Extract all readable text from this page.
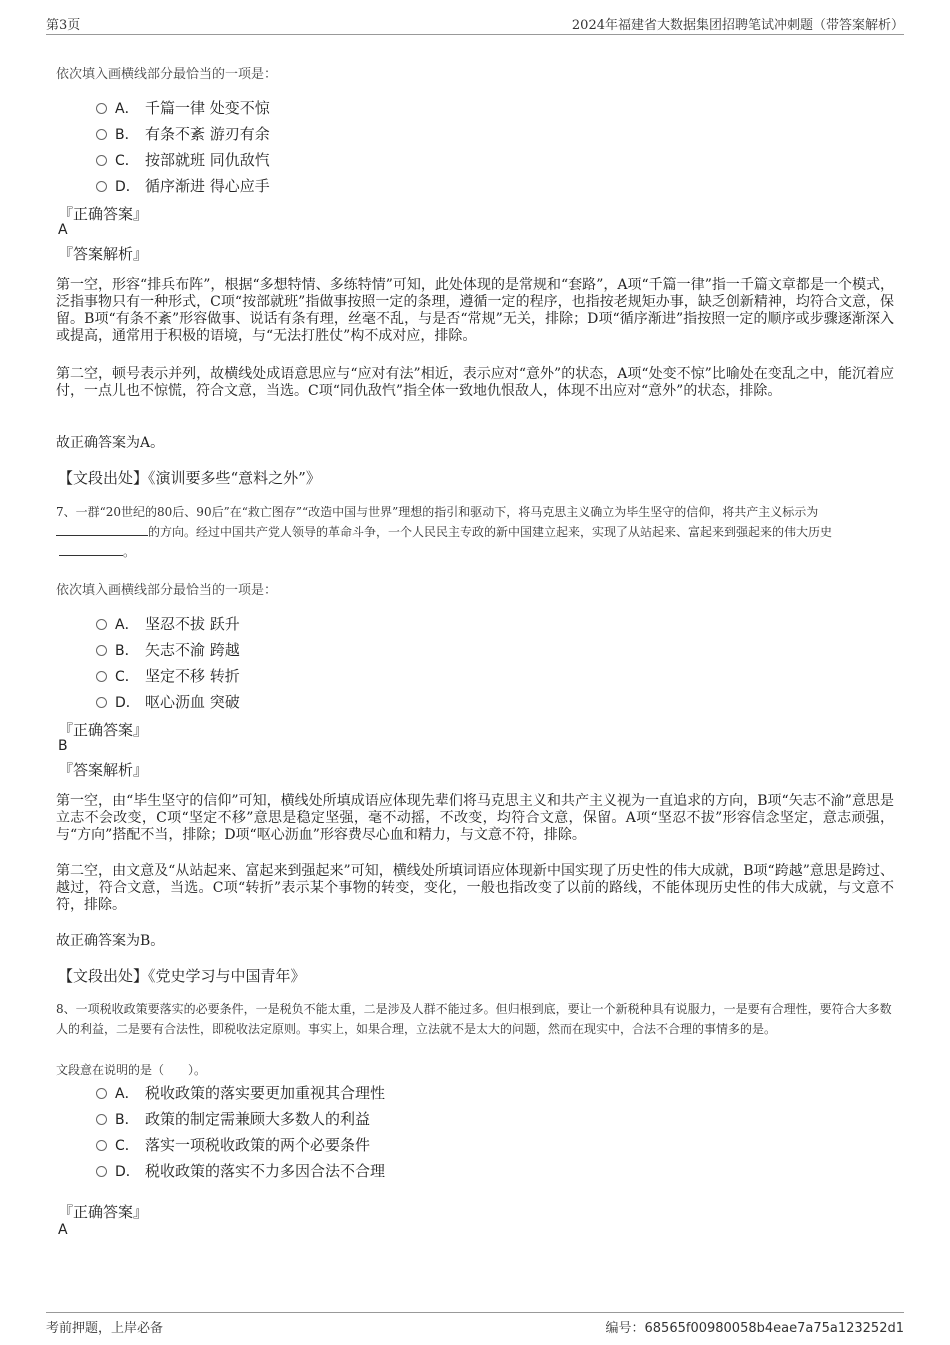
第3页	2024年福建省大数据集团招聘笔试冲刺题（带答案解析）
依次填入画横线部分最恰当的一项是：
A． 千篇一律 处变不惊
B． 有条不紊 游刃有余
C． 按部就班 同仇敌忾
D． 循序渐进 得心应手
『正确答案』
A
『答案解析』
第一空，形容“排兵布阵”，根据“多想特情、多练特情”可知，此处体现的是常规和“套路”，A项“千篇一律”指一千篇文章都是一个模式，泛指事物只有一种形式，C项“按部就班”指做事按照一定的条理，遵循一定的程序，也指按老规矩办事，缺乏创新精神，均符合文意，保留。B项“有条不紊”形容做事、说话有条有理，丝毫不乱，与是否“常规”无关，排除；D项“循序渐进”指按照一定的顺序或步骤逐渐深入或提高，通常用于积极的语境，与“无法打胜仗”构不成对应，排除。
第二空，顿号表示并列，故横线处成语意思应与“应对有法”相近，表示应对“意外”的状态，A项“处变不惊”比喻处在变乱之中，能沉着应付，一点儿也不惊慌，符合文意，当选。C项“同仇敌忾”指全体一致地仇恨敌人，体现不出应对“意外”的状态，排除。
故正确答案为A。
【文段出处】《演训要多些“意料之外”》
7、一群“20世纪的80后、90后”在“救亡图存”“改造中国与世界”理想的指引和驱动下，将马克思主义确立为毕生坚守的信仰，将共产主义标示为的方向。经过中国共产党人领导的革命斗争，一个人民民主专政的新中国建立起来，实现了从站起来、富起来到强起来的伟大历史。
依次填入画横线部分最恰当的一项是：
A． 坚忍不拔 跃升
B． 矢志不渝 跨越
C． 坚定不移 转折
D． 呕心沥血 突破
『正确答案』
B
『答案解析』
第一空，由“毕生坚守的信仰”可知，横线处所填成语应体现先辈们将马克思主义和共产主义视为一直追求的方向，B项“矢志不渝”意思是立志不会改变，C项“坚定不移”意思是稳定坚强，毫不动摇，不改变，均符合文意，保留。A项“坚忍不拔”形容信念坚定，意志顽强，与“方向”搭配不当，排除；D项“呕心沥血”形容费尽心血和精力，与文意不符，排除。
第二空，由文意及“从站起来、富起来到强起来”可知，横线处所填词语应体现新中国实现了历史性的伟大成就，B项“跨越”意思是跨过、越过，符合文意，当选。C项“转折”表示某个事物的转变，变化，一般也指改变了以前的路线，不能体现历史性的伟大成就，与文意不符，排除。
故正确答案为B。
【文段出处】《党史学习与中国青年》
8、一项税收政策要落实的必要条件，一是税负不能太重，二是涉及人群不能过多。但归根到底，要让一个新税种具有说服力，一是要有合理性，要符合大多数人的利益，二是要有合法性，即税收法定原则。事实上，如果合理，立法就不是太大的问题，然而在现实中，合法不合理的事情多的是。
文段意在说明的是（　　）。
A． 税收政策的落实要更加重视其合理性
B． 政策的制定需兼顾大多数人的利益
C． 落实一项税收政策的两个必要条件
D． 税收政策的落实不力多因合法不合理
『正确答案』
A
考前押题，上岸必备	编号：68565f00980058b4eae7a75a123252d1
